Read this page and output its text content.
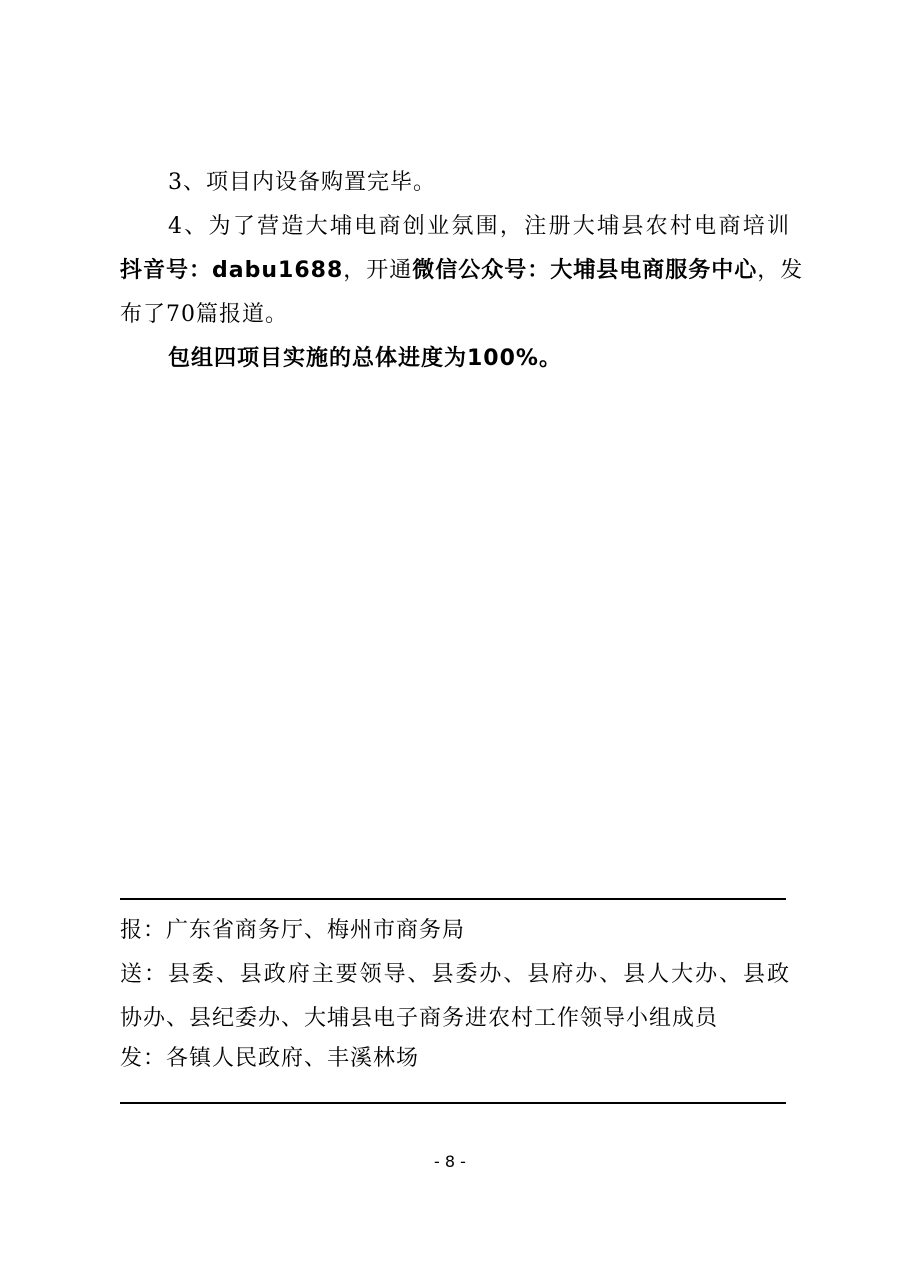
3、项目内设备购置完毕。
4、为了营造大埔电商创业氛围，注册大埔县农村电商培训
抖音号：dabu1688，开通微信公众号：大埔县电商服务中心，发
布了70篇报道。
包组四项目实施的总体进度为100%。
报：广东省商务厅、梅州市商务局
送：县委、县政府主要领导、县委办、县府办、县人大办、县政
协办、县纪委办、大埔县电子商务进农村工作领导小组成员
发：各镇人民政府、丰溪林场
- 8 -
